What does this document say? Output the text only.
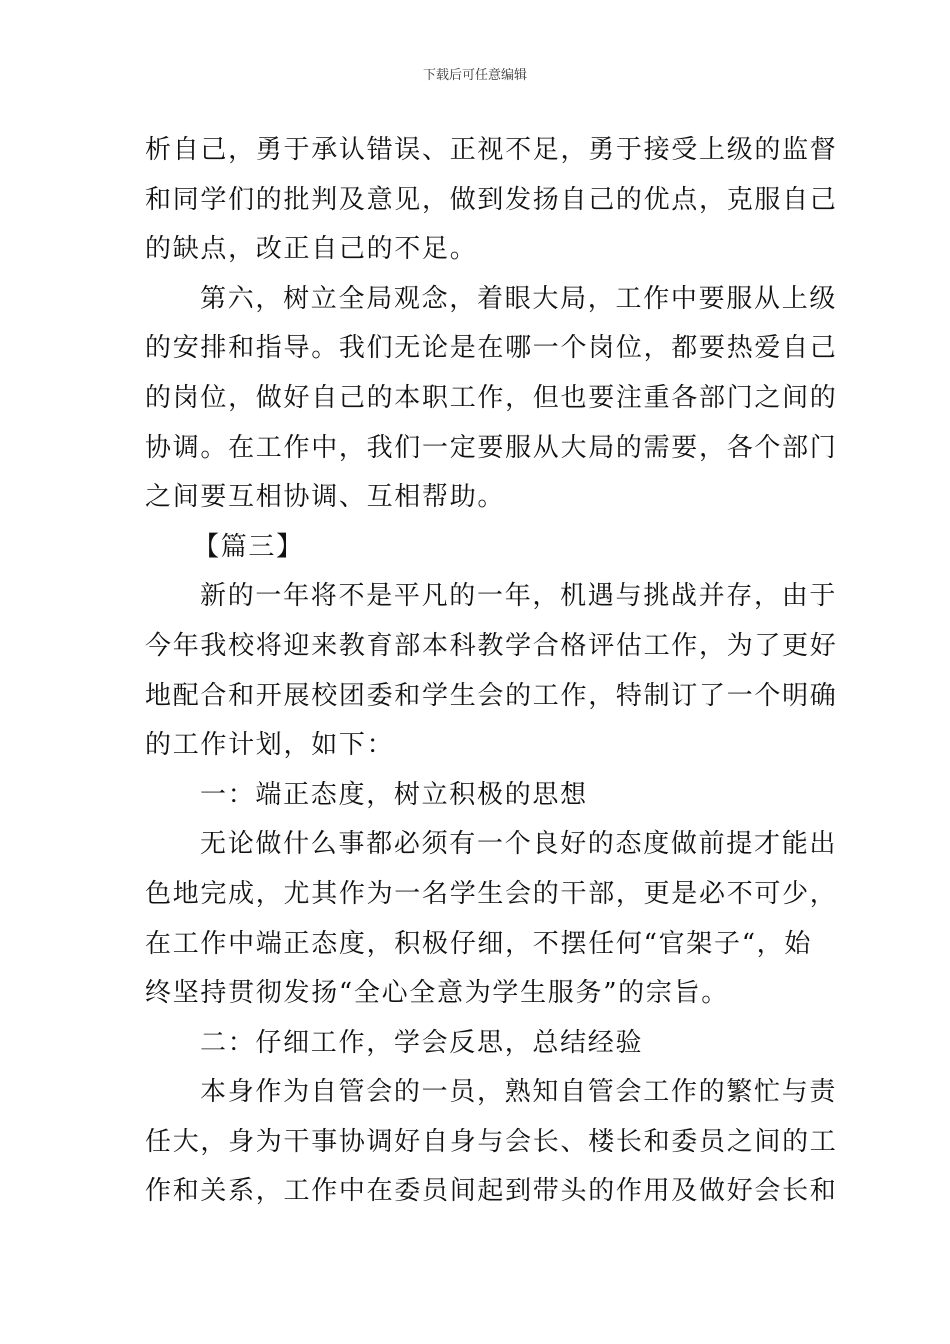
下载后可任意编辑
析自己，勇于承认错误、正视不足，勇于接受上级的监督
和同学们的批判及意见，做到发扬自己的优点，克服自己
的缺点，改正自己的不足。
第六，树立全局观念，着眼大局，工作中要服从上级
的安排和指导。我们无论是在哪一个岗位，都要热爱自己
的岗位，做好自己的本职工作，但也要注重各部门之间的
协调。在工作中，我们一定要服从大局的需要，各个部门
之间要互相协调、互相帮助。
【篇三】
新的一年将不是平凡的一年，机遇与挑战并存，由于
今年我校将迎来教育部本科教学合格评估工作，为了更好
地配合和开展校团委和学生会的工作，特制订了一个明确
的工作计划，如下：
一：端正态度，树立积极的思想
无论做什么事都必须有一个良好的态度做前提才能出
色地完成，尤其作为一名学生会的干部，更是必不可少，
在工作中端正态度，积极仔细，不摆任何“官架子“，始
终坚持贯彻发扬“全心全意为学生服务”的宗旨。
二：仔细工作，学会反思，总结经验
本身作为自管会的一员，熟知自管会工作的繁忙与责
任大，身为干事协调好自身与会长、楼长和委员之间的工
作和关系，工作中在委员间起到带头的作用及做好会长和
